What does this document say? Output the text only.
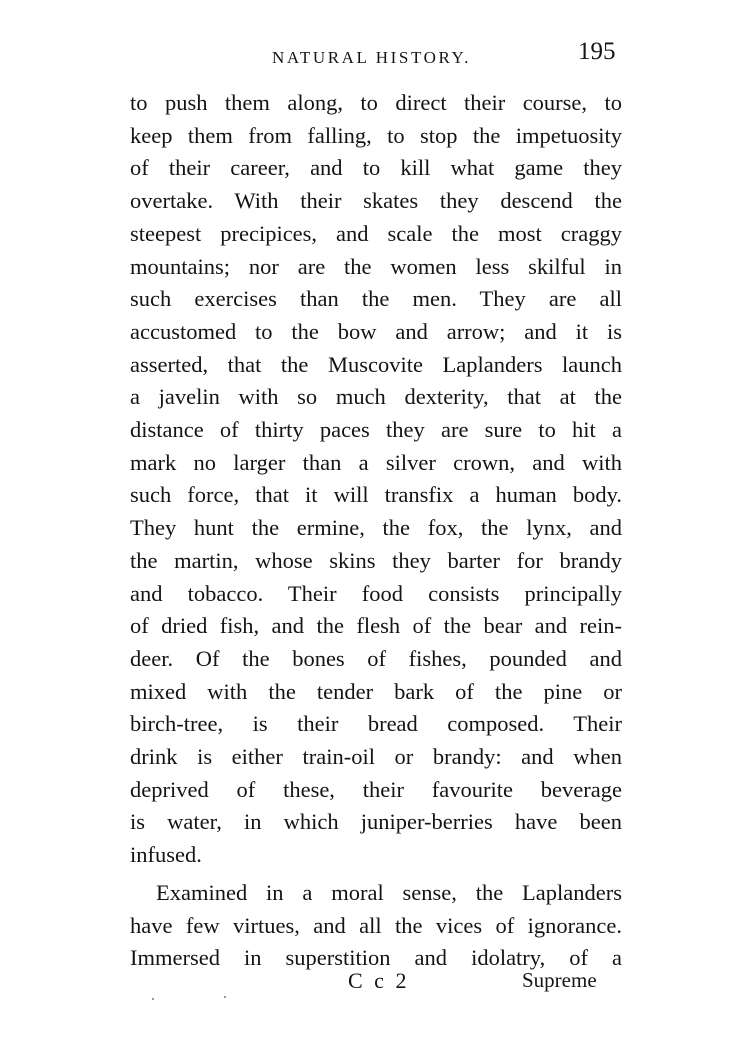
NATURAL HISTORY.	195
to push them along, to direct their course, to
keep them from falling, to stop the impetuosity
of their career, and to kill what game they
overtake. With their skates they descend the
steepest precipices, and scale the most craggy
mountains; nor are the women less skilful in
such exercises than the men. They are all
accustomed to the bow and arrow; and it is
asserted, that the Muscovite Laplanders launch
a javelin with so much dexterity, that at the
distance of thirty paces they are sure to hit a
mark no larger than a silver crown, and with
such force, that it will transfix a human body.
They hunt the ermine, the fox, the lynx, and
the martin, whose skins they barter for brandy
and tobacco. Their food consists principally
of dried fish, and the flesh of the bear and rein-
deer. Of the bones of fishes, pounded and
mixed with the tender bark of the pine or
birch-tree, is their bread composed. Their
drink is either train-oil or brandy: and when
deprived of these, their favourite beverage
is water, in which juniper-berries have been
infused.
Examined in a moral sense, the Laplanders
have few virtues, and all the vices of ignorance.
Immersed in superstition and idolatry, of a
C c 2	Supreme
